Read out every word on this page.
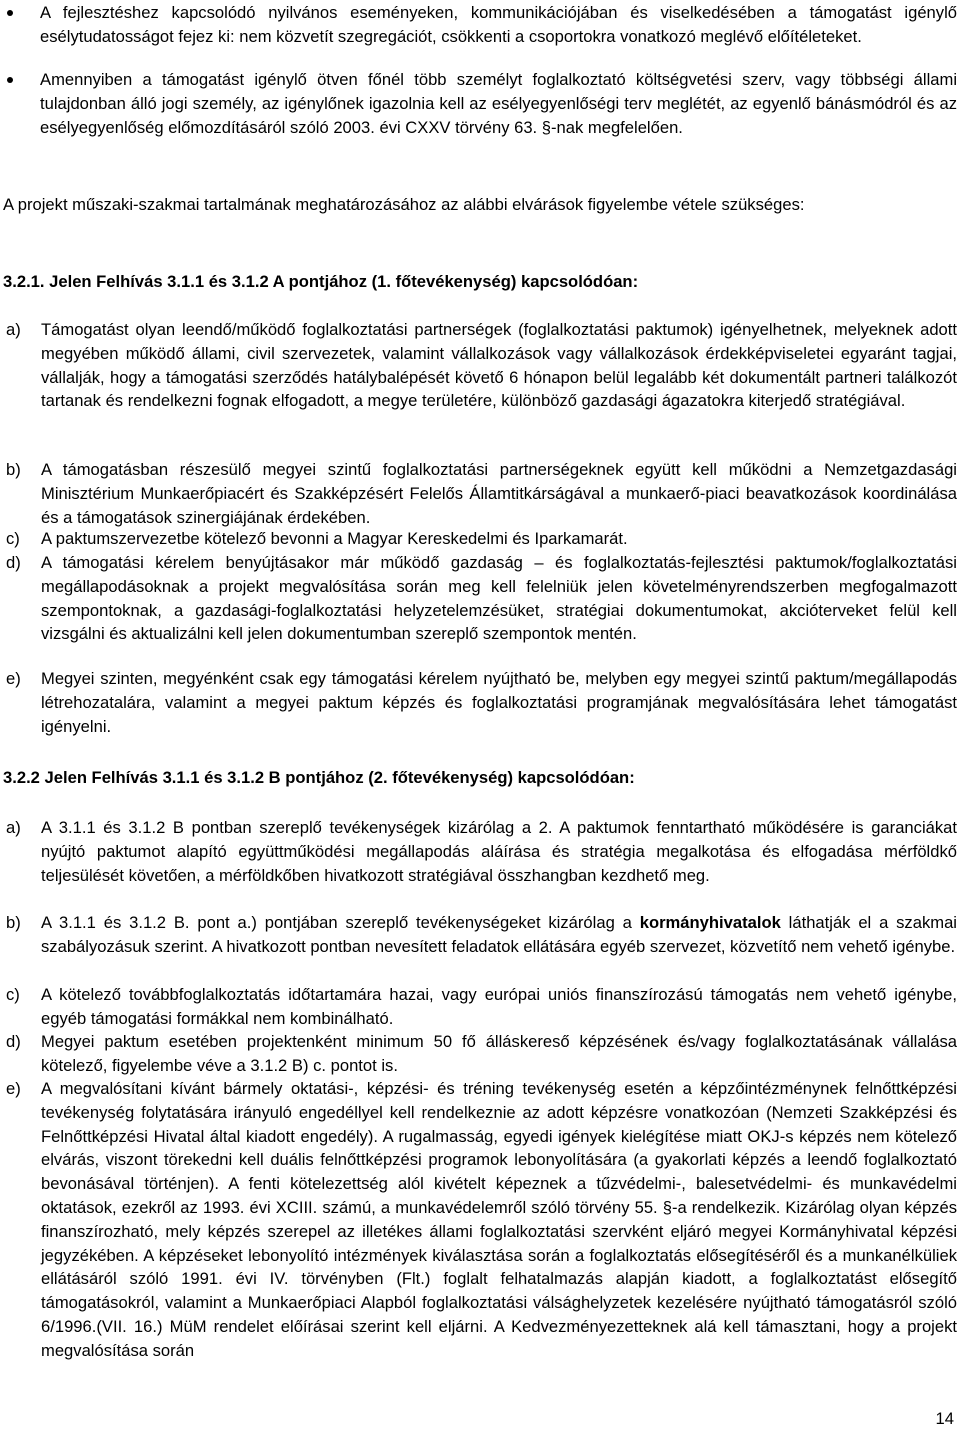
A fejlesztéshez kapcsolódó nyilvános eseményeken, kommunikációjában és viselkedésében a támogatást igénylő esélytudatosságot fejez ki: nem közvetít szegregációt, csökkenti a csoportokra vonatkozó meglévő előítéleteket.
Amennyiben a támogatást igénylő ötven főnél több személyt foglalkoztató költségvetési szerv, vagy többségi állami tulajdonban álló jogi személy, az igénylőnek igazolnia kell az esélyegyenlőségi terv meglétét, az egyenlő bánásmódról és az esélyegyenlőség előmozdításáról szóló 2003. évi CXXV törvény 63. §-nak megfelelően.

A projekt műszaki-szakmai tartalmának meghatározásához az alábbi elvárások figyelembe vétele szükséges:

3.2.1. Jelen Felhívás 3.1.1 és 3.1.2 A pontjához (1. főtevékenység) kapcsolódóan:

a) Támogatást olyan leendő/működő foglalkoztatási partnerségek (foglalkoztatási paktumok) igényelhetnek, melyeknek adott megyében működő állami, civil szervezetek, valamint vállalkozások vagy vállalkozások érdekképviseletei egyaránt tagjai, vállalják, hogy a támogatási szerződés hatálybalépését követő 6 hónapon belül legalább két dokumentált partneri találkozót tartanak és rendelkezni fognak elfogadott, a megye területére, különböző gazdasági ágazatokra kiterjedő stratégiával.
b) A támogatásban részesülő megyei szintű foglalkoztatási partnerségeknek együtt kell működni a Nemzetgazdasági Minisztérium Munkaerőpiacért és Szakképzésért Felelős Államtitkárságával a munkaerő-piaci beavatkozások koordinálása és a támogatások szinergiájának érdekében.
c) A paktumszervezetbe kötelező bevonni a Magyar Kereskedelmi és Iparkamarát.
d) A támogatási kérelem benyújtásakor már működő gazdaság – és foglalkoztatás-fejlesztési paktumok/foglalkoztatási megállapodásoknak a projekt megvalósítása során meg kell felelniük jelen követelményrendszerben megfogalmazott szempontoknak, a gazdasági-foglalkoztatási helyzetelemzésüket, stratégiai dokumentumokat, akcióterveket felül kell vizsgálni és aktualizálni kell jelen dokumentumban szereplő szempontok mentén.
e) Megyei szinten, megyénként csak egy támogatási kérelem nyújtható be, melyben egy megyei szintű paktum/megállapodás létrehozatalára, valamint a megyei paktum képzés és foglalkoztatási programjának megvalósítására lehet támogatást igényelni.

3.2.2 Jelen Felhívás 3.1.1 és 3.1.2 B pontjához (2. főtevékenység) kapcsolódóan:

a) A 3.1.1 és 3.1.2 B pontban szereplő tevékenységek kizárólag a 2. A paktumok fenntartható működésére is garanciákat nyújtó paktumot alapító együttműködési megállapodás aláírása és stratégia megalkotása és elfogadása mérföldkő teljesülését követően, a mérföldkőben hivatkozott stratégiával összhangban kezdhető meg.
b) A 3.1.1 és 3.1.2 B. pont a.) pontjában szereplő tevékenységeket kizárólag a kormányhivatalok láthatják el a szakmai szabályozásuk szerint. A hivatkozott pontban nevesített feladatok ellátására egyéb szervezet, közvetítő nem vehető igénybe.
c) A kötelező továbbfoglalkoztatás időtartamára hazai, vagy európai uniós finanszírozású támogatás nem vehető igénybe, egyéb támogatási formákkal nem kombinálható.
d) Megyei paktum esetében projektenként minimum 50 fő álláskereső képzésének és/vagy foglalkoztatásának vállalása kötelező, figyelembe véve a 3.1.2 B) c. pontot is.
e) A megvalósítani kívánt bármely oktatási-, képzési- és tréning tevékenység esetén a képzőintézménynek felnőttképzési tevékenység folytatására irányuló engedéllyel kell rendelkeznie az adott képzésre vonatkozóan (Nemzeti Szakképzési és Felnőttképzési Hivatal által kiadott engedély). A rugalmasság, egyedi igények kielégítése miatt OKJ-s képzés nem kötelező elvárás, viszont törekedni kell duális felnőttképzési programok lebonyolítására (a gyakorlati képzés a leendő foglalkoztató bevonásával történjen). A fenti kötelezettség alól kivételt képeznek a tűzvédelmi-, balesetvédelmi- és munkavédelmi oktatások, ezekről az 1993. évi XCIII. számú, a munkavédelemről szóló törvény 55. §-a rendelkezik. Kizárólag olyan képzés finanszírozható, mely képzés szerepel az illetékes állami foglalkoztatási szervként eljáró megyei Kormányhivatal képzési jegyzékében. A képzéseket lebonyolító intézmények kiválasztása során a foglalkoztatás elősegítéséről és a munkanélküliek ellátásáról szóló 1991. évi IV. törvényben (Flt.) foglalt felhatalmazás alapján kiadott, a foglalkoztatást elősegítő támogatásokról, valamint a Munkaerőpiaci Alapból foglalkoztatási válsághelyzetek kezelésére nyújtható támogatásról szóló 6/1996.(VII. 16.) MüM rendelet előírásai szerint kell eljárni. A Kedvezményezetteknek alá kell támasztani, hogy a projekt megvalósítása során
14
